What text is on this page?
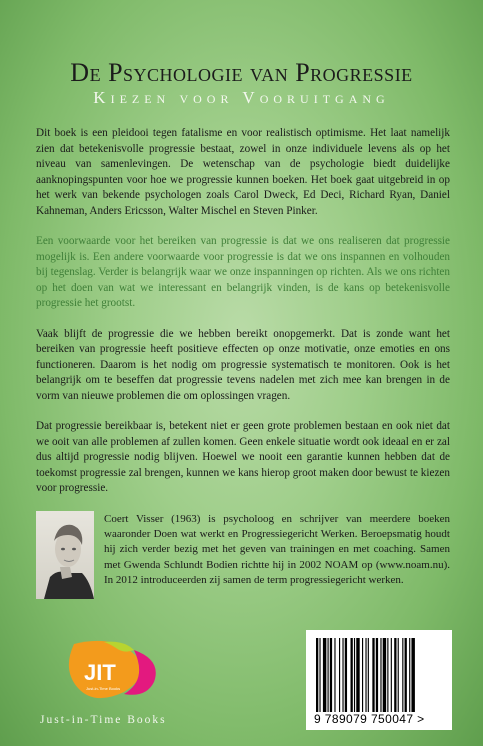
De Psychologie van Progressie
Kiezen voor Vooruitgang

Dit boek is een pleidooi tegen fatalisme en voor realistisch optimisme. Het laat namelijk zien dat betekenisvolle progressie bestaat, zowel in onze individuele levens als op het niveau van samenlevingen. De wetenschap van de psychologie biedt duidelijke aanknopingspunten voor hoe we progressie kunnen boeken. Het boek gaat uitgebreid in op het werk van bekende psychologen zoals Carol Dweck, Ed Deci, Richard Ryan, Daniel Kahneman, Anders Ericsson, Walter Mischel en Steven Pinker.

Een voorwaarde voor het bereiken van progressie is dat we ons realiseren dat progressie mogelijk is. Een andere voorwaarde voor progressie is dat we ons inspannen en volhouden bij tegenslag. Verder is belangrijk waar we onze inspanningen op richten. Als we ons richten op het doen van wat we interessant en belangrijk vinden, is de kans op betekenisvolle progressie het grootst.

Vaak blijft de progressie die we hebben bereikt onopgemerkt. Dat is zonde want het bereiken van progressie heeft positieve effecten op onze motivatie, onze emoties en ons functioneren. Daarom is het nodig om progressie systematisch te monitoren. Ook is het belangrijk om te beseffen dat progressie tevens nadelen met zich mee kan brengen in de vorm van nieuwe problemen die om oplossingen vragen.

Dat progressie bereikbaar is, betekent niet er geen grote problemen bestaan en ook niet dat we ooit van alle problemen af zullen komen. Geen enkele situatie wordt ook ideaal en er zal dus altijd progressie nodig blijven. Hoewel we nooit een garantie kunnen hebben dat de toekomst progressie zal brengen, kunnen we kans hierop groot maken door bewust te kiezen voor progressie.

Coert Visser (1963) is psycholoog en schrijver van meerdere boeken waaronder Doen wat werkt en Progressiegericht Werken. Beroepsmatig houdt hij zich verder bezig met het geven van trainingen en met coaching. Samen met Gwenda Schlundt Bodien richtte hij in 2002 NOAM op (www.noam.nu). In 2012 introduceerden zij samen de term progressiegericht werken.

JIT
Just-in-Time Books
Just-in-Time Books	9 789079 750047 >
